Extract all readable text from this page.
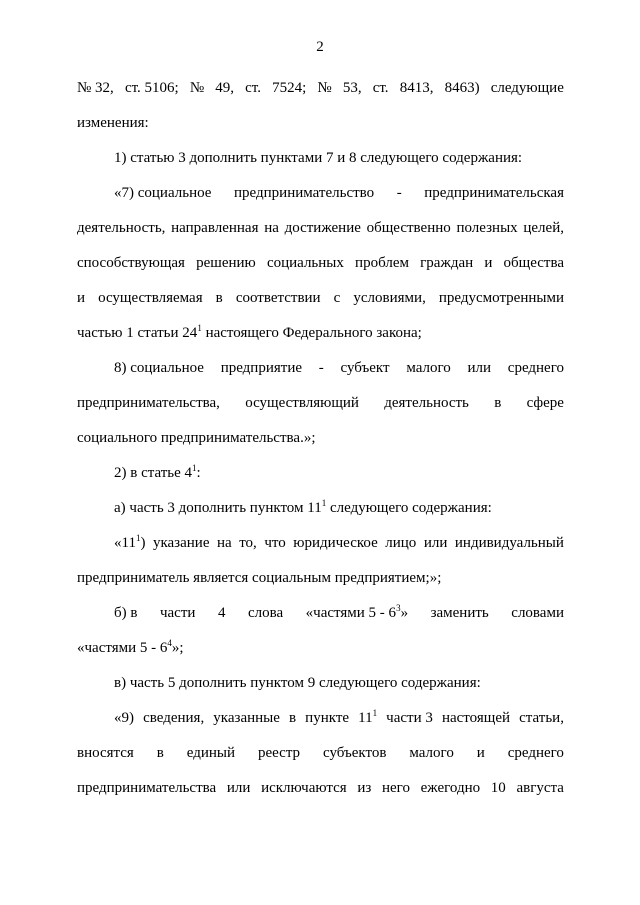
2
№ 32, ст. 5106; № 49, ст. 7524; № 53, ст. 8413, 8463) следующие
изменения:
1) статью 3 дополнить пунктами 7 и 8 следующего содержания:
«7) социальное предпринимательство - предпринимательская
деятельность, направленная на достижение общественно полезных целей,
способствующая решению социальных проблем граждан и общества
и осуществляемая в соответствии с условиями, предусмотренными
частью 1 статьи $24^1$ настоящего Федерального закона;
8) социальное предприятие - субъект малого или среднего
предпринимательства, осуществляющий деятельность в сфере
социального предпринимательства.»;
2) в статье $4^1$:
а) часть 3 дополнить пунктом $11^1$ следующего содержания:
«$11^1$) указание на то, что юридическое лицо или индивидуальный
предприниматель является социальным предприятием;»;
б) в части 4 слова «частями $5 - 6^3$» заменить словами
«частями $5 - 6^4$»;
в) часть 5 дополнить пунктом 9 следующего содержания:
«9) сведения, указанные в пункте $11^1$ части 3 настоящей статьи,
вносятся в единый реестр субъектов малого и среднего
предпринимательства или исключаются из него ежегодно 10 августа
